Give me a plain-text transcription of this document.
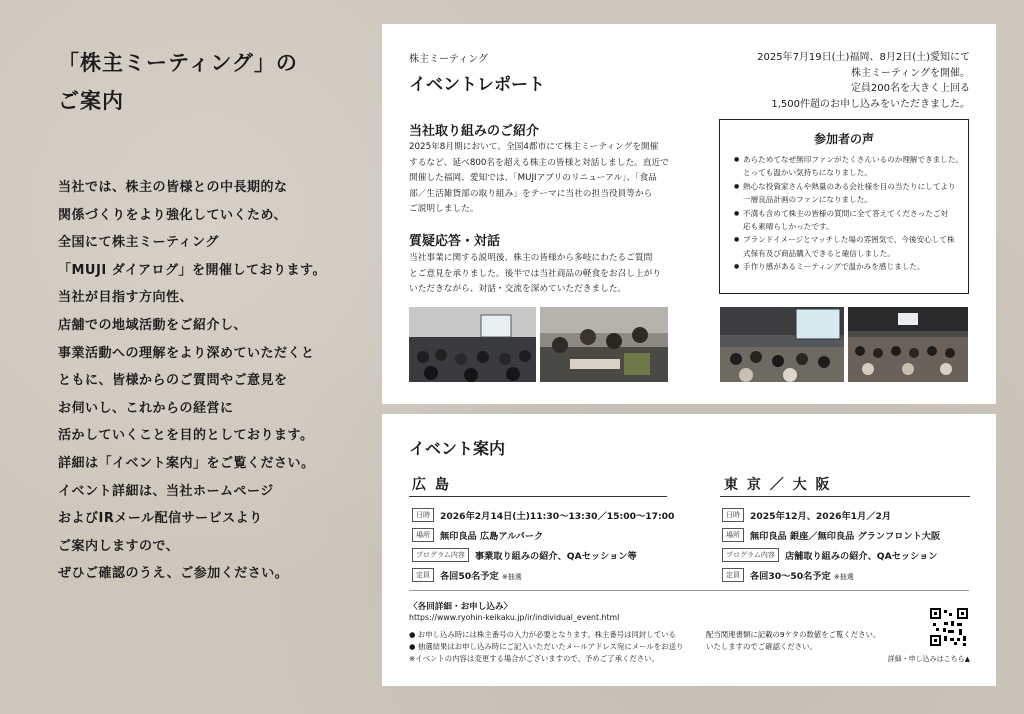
「株主ミーティング」の
ご案内
当社では、株主の皆様との中長期的な
関係づくりをより強化していくため、
全国にて株主ミーティング
「MUJI ダイアログ」を開催しております。
当社が目指す方向性、
店舗での地域活動をご紹介し、
事業活動への理解をより深めていただくと
ともに、皆様からのご質問やご意見を
お伺いし、これからの経営に
活かしていくことを目的としております。
詳細は「イベント案内」をご覧ください。
イベント詳細は、当社ホームページ
およびIRメール配信サービスより
ご案内しますので、
ぜひご確認のうえ、ご参加ください。
株主ミーティング
イベントレポート
2025年7月19日(土)福岡、8月2日(土)愛知にて
株主ミーティングを開催。
定員200名を大きく上回る
1,500件超のお申し込みをいただきました。
当社取り組みのご紹介
2025年8月期において、全国4都市にて株主ミーティングを開催
するなど、延べ800名を超える株主の皆様と対話しました。直近で
開催した福岡、愛知では、「MUJIアプリのリニューアル」、「食品
部／生活雑貨部の取り組み」をテーマに当社の担当役員等から
ご説明しました。
質疑応答・対話
当社事業に関する説明後、株主の皆様から多岐にわたるご質問
とご意見を承りました。後半では当社商品の軽食をお召し上がり
いただきながら、対話・交流を深めていただきました。
参加者の声
● あらためてなぜ無印ファンがたくさんいるのか理解できました。
とっても温かい気持ちになりました。
● 熱心な投資家さんや熱量のある会社様を目の当たりにしてより
一層良品計画のファンになりました。
● 不満も含めて株主の皆様の質問に全て答えてくださったご対
応も素晴らしかったです。
● ブランドイメージとマッチした場の雰囲気で、今後安心して株
式保有及び商品購入できると確信しました。
● 手作り感があるミーティングで温かみを感じました。
イベント案内
広 島
日時	2026年2月14日(土)11:30〜13:30／15:00〜17:00
場所	無印良品 広島アルパーク
プログラム内容	事業取り組みの紹介、QAセッション等
定員	各回50名予定 ※抽選
東 京 ／ 大 阪
日時	2025年12月、2026年1月／2月
場所	無印良品 銀座／無印良品 グランフロント大阪
プログラム内容	店舗取り組みの紹介、QAセッション
定員	各回30〜50名予定 ※抽選
〈各回詳細・お申し込み〉
https://www.ryohin-keikaku.jp/ir/individual_event.html
● お申し込み時には株主番号の入力が必要となります。株主番号は同封している
● 抽選結果はお申し込み時にご記入いただいたメールアドレス宛にメールをお送り
※イベントの内容は変更する場合がございますので、予めご了承ください。
配当関連書類に記載の9ケタの数値をご覧ください。
いたしますのでご確認ください。
詳細・申し込みはこちら▲
